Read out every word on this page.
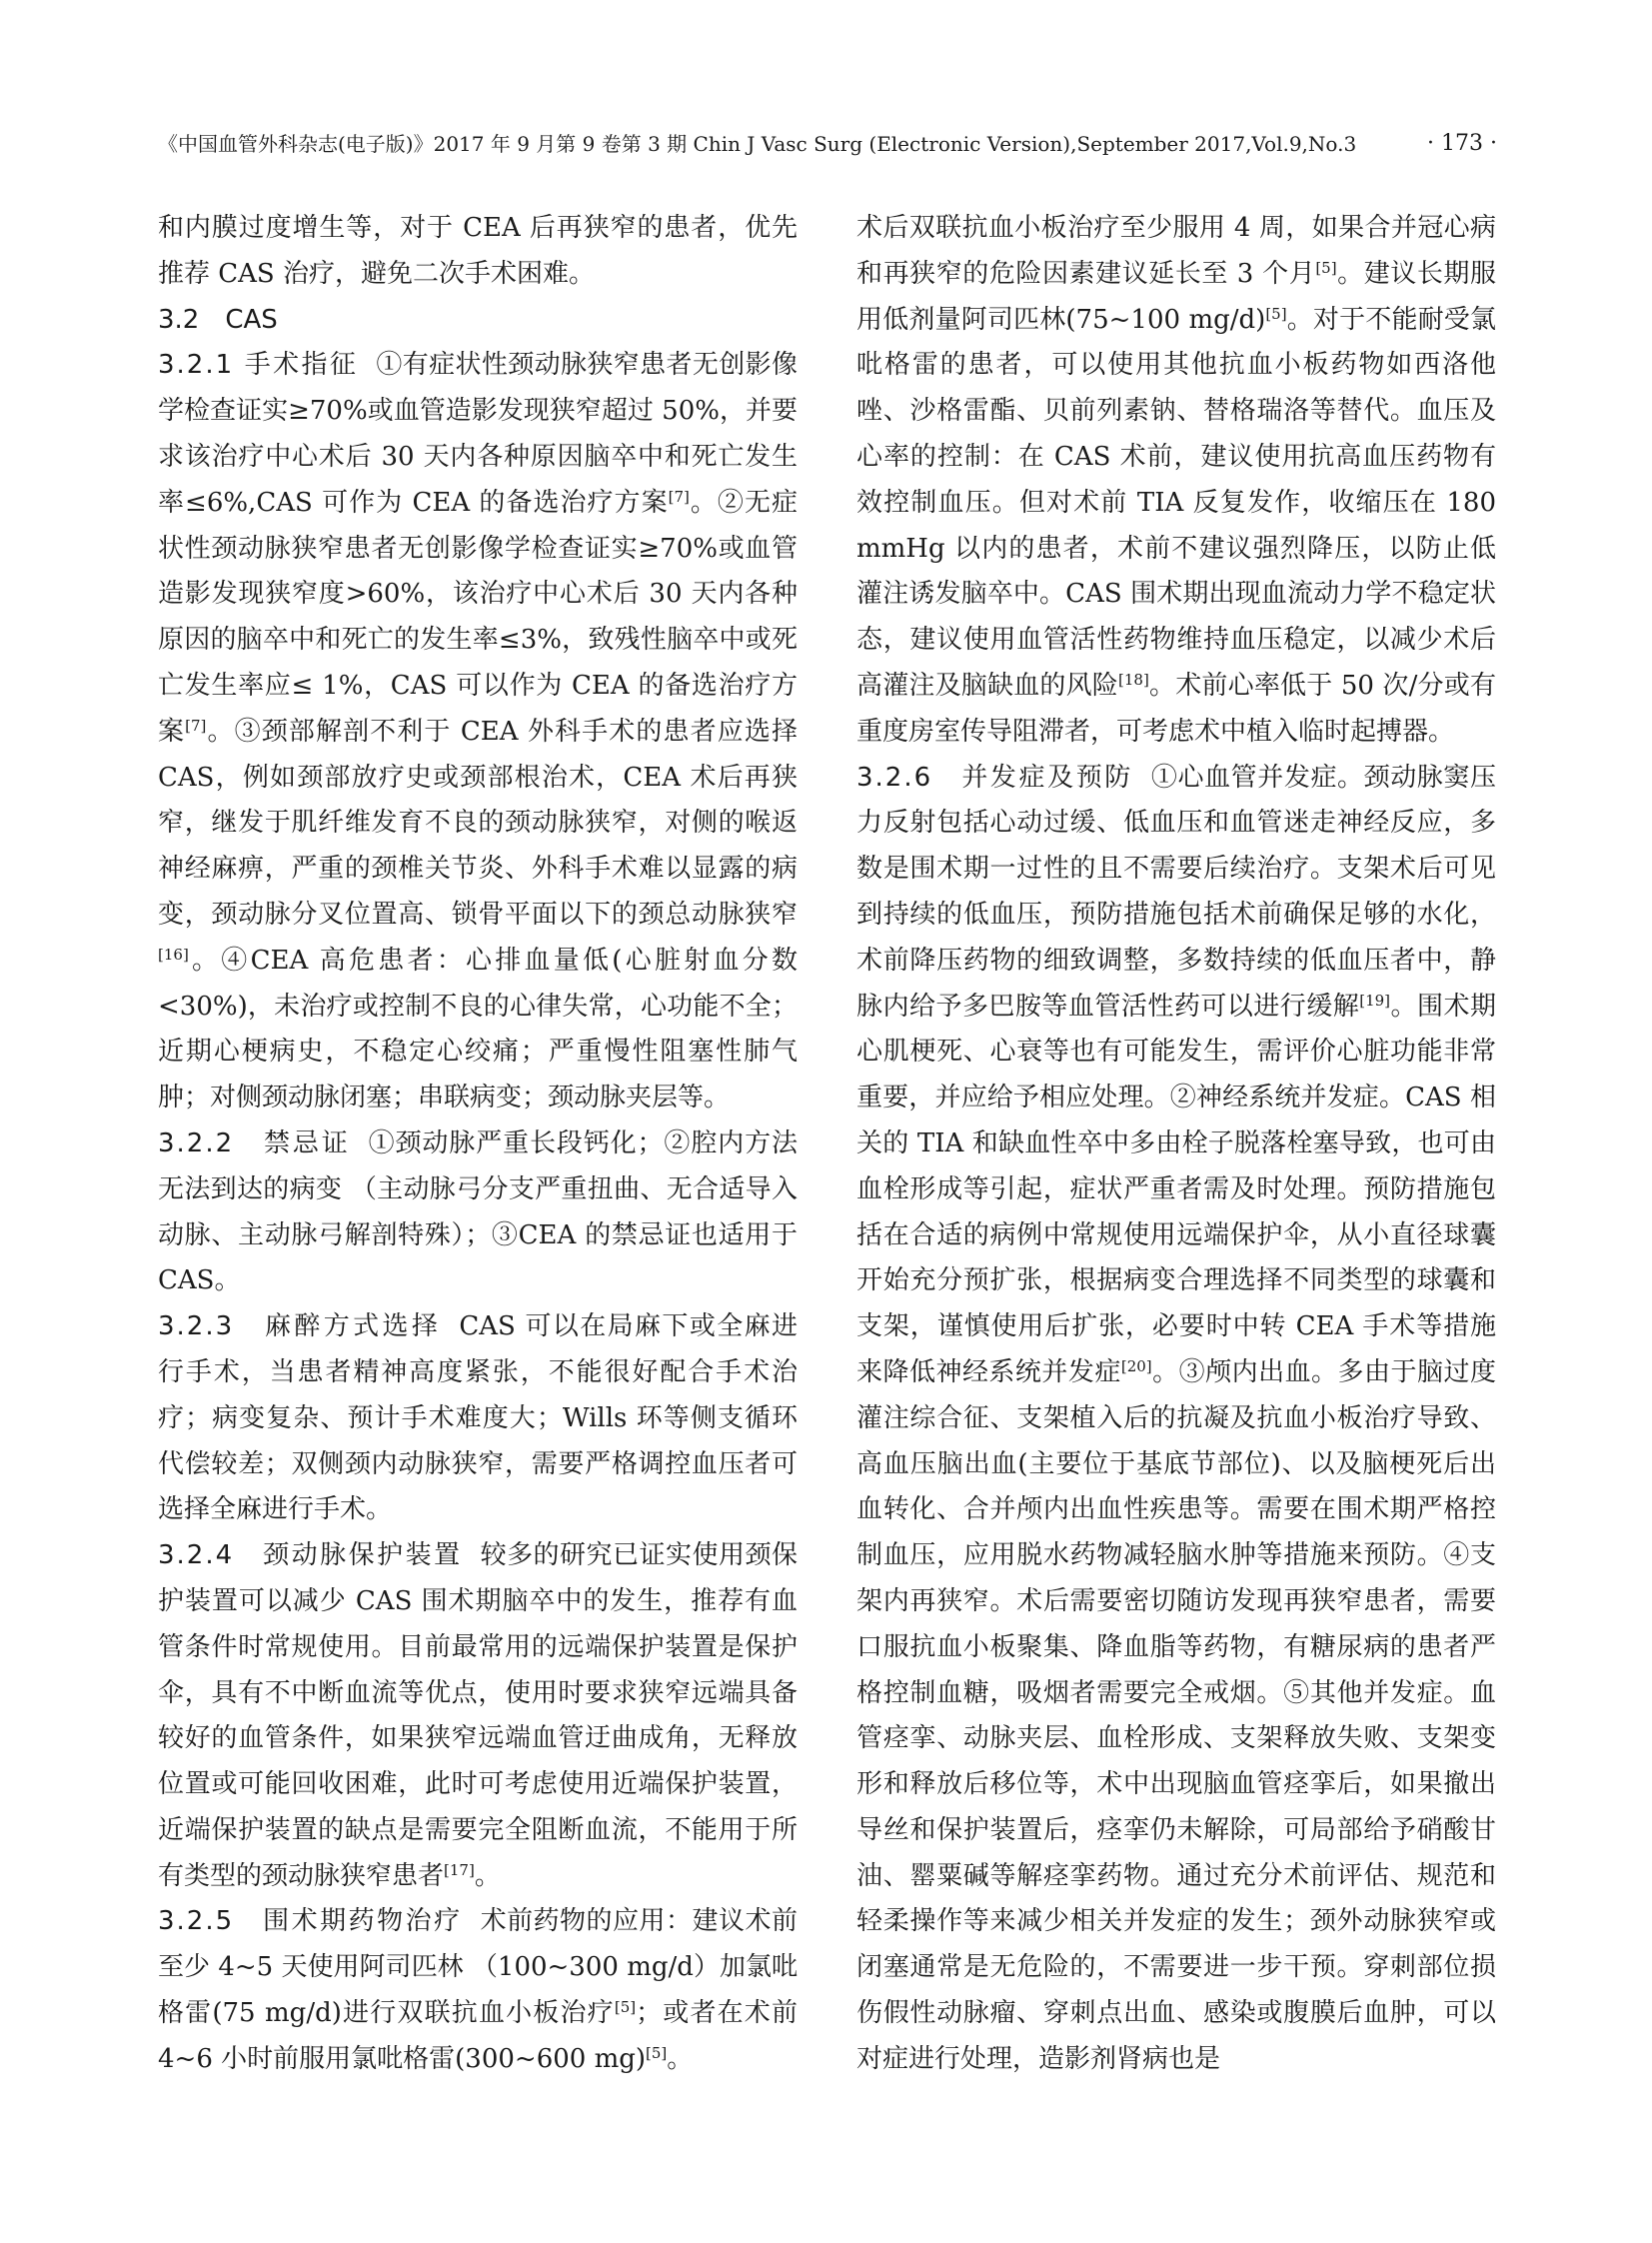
《中国血管外科杂志(电子版)》2017 年 9 月第 9 卷第 3 期 Chin J Vasc Surg (Electronic Version),September 2017,Vol.9,No.3	· 173 ·

和内膜过度增生等，对于 CEA 后再狭窄的患者，优先推荐 CAS 治疗，避免二次手术困难。

3.2　CAS

3.2.1 手术指征 ①有症状性颈动脉狭窄患者无创影像学检查证实≥70%或血管造影发现狭窄超过 50%，并要求该治疗中心术后 30 天内各种原因脑卒中和死亡发生率≤6%,CAS 可作为 CEA 的备选治疗方案[7]。②无症状性颈动脉狭窄患者无创影像学检查证实≥70%或血管造影发现狭窄度>60%，该治疗中心术后 30 天内各种原因的脑卒中和死亡的发生率≤3%，致残性脑卒中或死亡发生率应≤ 1%，CAS 可以作为 CEA 的备选治疗方案[7]。③颈部解剖不利于 CEA 外科手术的患者应选择 CAS，例如颈部放疗史或颈部根治术，CEA 术后再狭窄，继发于肌纤维发育不良的颈动脉狭窄，对侧的喉返神经麻痹，严重的颈椎关节炎、外科手术难以显露的病变，颈动脉分叉位置高、锁骨平面以下的颈总动脉狭窄[16]。④CEA 高危患者：心排血量低(心脏射血分数<30%)，未治疗或控制不良的心律失常，心功能不全；近期心梗病史，不稳定心绞痛；严重慢性阻塞性肺气肿；对侧颈动脉闭塞；串联病变；颈动脉夹层等。

3.2.2　禁忌证 ①颈动脉严重长段钙化；②腔内方法无法到达的病变 （主动脉弓分支严重扭曲、无合适导入动脉、主动脉弓解剖特殊）；③CEA 的禁忌证也适用于 CAS。

3.2.3　麻醉方式选择 CAS 可以在局麻下或全麻进行手术，当患者精神高度紧张，不能很好配合手术治疗；病变复杂、预计手术难度大；Wills 环等侧支循环代偿较差；双侧颈内动脉狭窄，需要严格调控血压者可选择全麻进行手术。

3.2.4　颈动脉保护装置 较多的研究已证实使用颈保护装置可以减少 CAS 围术期脑卒中的发生，推荐有血管条件时常规使用。目前最常用的远端保护装置是保护伞，具有不中断血流等优点，使用时要求狭窄远端具备较好的血管条件，如果狭窄远端血管迂曲成角，无释放位置或可能回收困难，此时可考虑使用近端保护装置，近端保护装置的缺点是需要完全阻断血流，不能用于所有类型的颈动脉狭窄患者[17]。

3.2.5　围术期药物治疗 术前药物的应用：建议术前至少 4~5 天使用阿司匹林 （100~300 mg/d）加氯吡格雷(75 mg/d)进行双联抗血小板治疗[5]；或者在术前 4~6 小时前服用氯吡格雷(300~600 mg)[5]。

术后双联抗血小板治疗至少服用 4 周，如果合并冠心病和再狭窄的危险因素建议延长至 3 个月[5]。建议长期服用低剂量阿司匹林(75~100 mg/d)[5]。对于不能耐受氯吡格雷的患者，可以使用其他抗血小板药物如西洛他唑、沙格雷酯、贝前列素钠、替格瑞洛等替代。血压及心率的控制：在 CAS 术前，建议使用抗高血压药物有效控制血压。但对术前 TIA 反复发作，收缩压在 180 mmHg 以内的患者，术前不建议强烈降压，以防止低灌注诱发脑卒中。CAS 围术期出现血流动力学不稳定状态，建议使用血管活性药物维持血压稳定，以减少术后高灌注及脑缺血的风险[18]。术前心率低于 50 次/分或有重度房室传导阻滞者，可考虑术中植入临时起搏器。

3.2.6　并发症及预防 ①心血管并发症。颈动脉窦压力反射包括心动过缓、低血压和血管迷走神经反应，多数是围术期一过性的且不需要后续治疗。支架术后可见到持续的低血压，预防措施包括术前确保足够的水化，术前降压药物的细致调整，多数持续的低血压者中，静脉内给予多巴胺等血管活性药可以进行缓解[19]。围术期心肌梗死、心衰等也有可能发生，需评价心脏功能非常重要，并应给予相应处理。②神经系统并发症。CAS 相关的 TIA 和缺血性卒中多由栓子脱落栓塞导致，也可由血栓形成等引起，症状严重者需及时处理。预防措施包括在合适的病例中常规使用远端保护伞，从小直径球囊开始充分预扩张，根据病变合理选择不同类型的球囊和支架，谨慎使用后扩张，必要时中转 CEA 手术等措施来降低神经系统并发症[20]。③颅内出血。多由于脑过度灌注综合征、支架植入后的抗凝及抗血小板治疗导致、高血压脑出血(主要位于基底节部位)、以及脑梗死后出血转化、合并颅内出血性疾患等。需要在围术期严格控制血压，应用脱水药物减轻脑水肿等措施来预防。④支架内再狭窄。术后需要密切随访发现再狭窄患者，需要口服抗血小板聚集、降血脂等药物，有糖尿病的患者严格控制血糖，吸烟者需要完全戒烟。⑤其他并发症。血管痉挛、动脉夹层、血栓形成、支架释放失败、支架变形和释放后移位等，术中出现脑血管痉挛后，如果撤出导丝和保护装置后，痉挛仍未解除，可局部给予硝酸甘油、罂粟碱等解痉挛药物。通过充分术前评估、规范和轻柔操作等来减少相关并发症的发生；颈外动脉狭窄或闭塞通常是无危险的，不需要进一步干预。穿刺部位损伤假性动脉瘤、穿刺点出血、感染或腹膜后血肿，可以对症进行处理，造影剂肾病也是
